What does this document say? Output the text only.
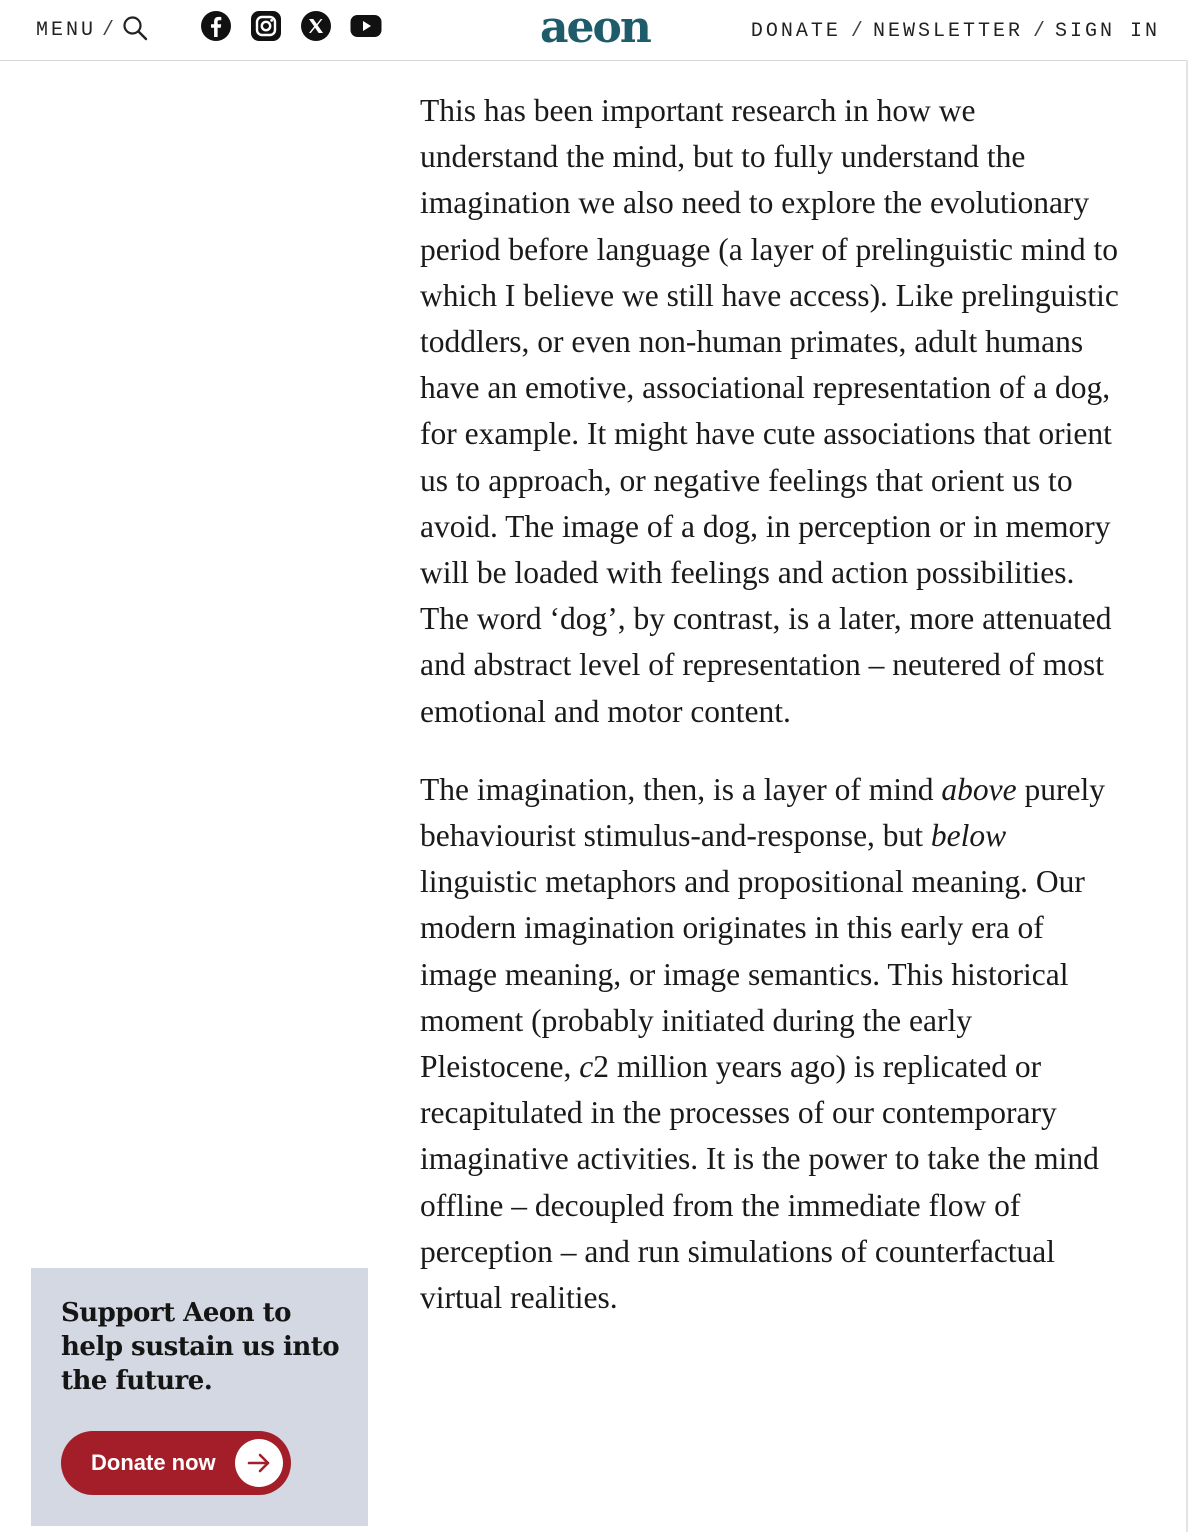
MENU /	aeon	DONATE / NEWSLETTER / SIGN IN

This has been important research in how we understand the mind, but to fully understand the imagination we also need to explore the evolutionary period before language (a layer of prelinguistic mind to which I believe we still have access). Like prelinguistic toddlers, or even non-human primates, adult humans have an emotive, associational representation of a dog, for example. It might have cute associations that orient us to approach, or negative feelings that orient us to avoid. The image of a dog, in perception or in memory will be loaded with feelings and action possibilities. The word ‘dog’, by contrast, is a later, more attenuated and abstract level of representation – neutered of most emotional and motor content.

The imagination, then, is a layer of mind above purely behaviourist stimulus-and-response, but below linguistic metaphors and propositional meaning. Our modern imagination originates in this early era of image meaning, or image semantics. This historical moment (probably initiated during the early Pleistocene, c2 million years ago) is replicated or recapitulated in the processes of our contemporary imaginative activities. It is the power to take the mind offline – decoupled from the immediate flow of perception – and run simulations of counterfactual virtual realities.

Support Aeon to help sustain us into the future.
Donate now
